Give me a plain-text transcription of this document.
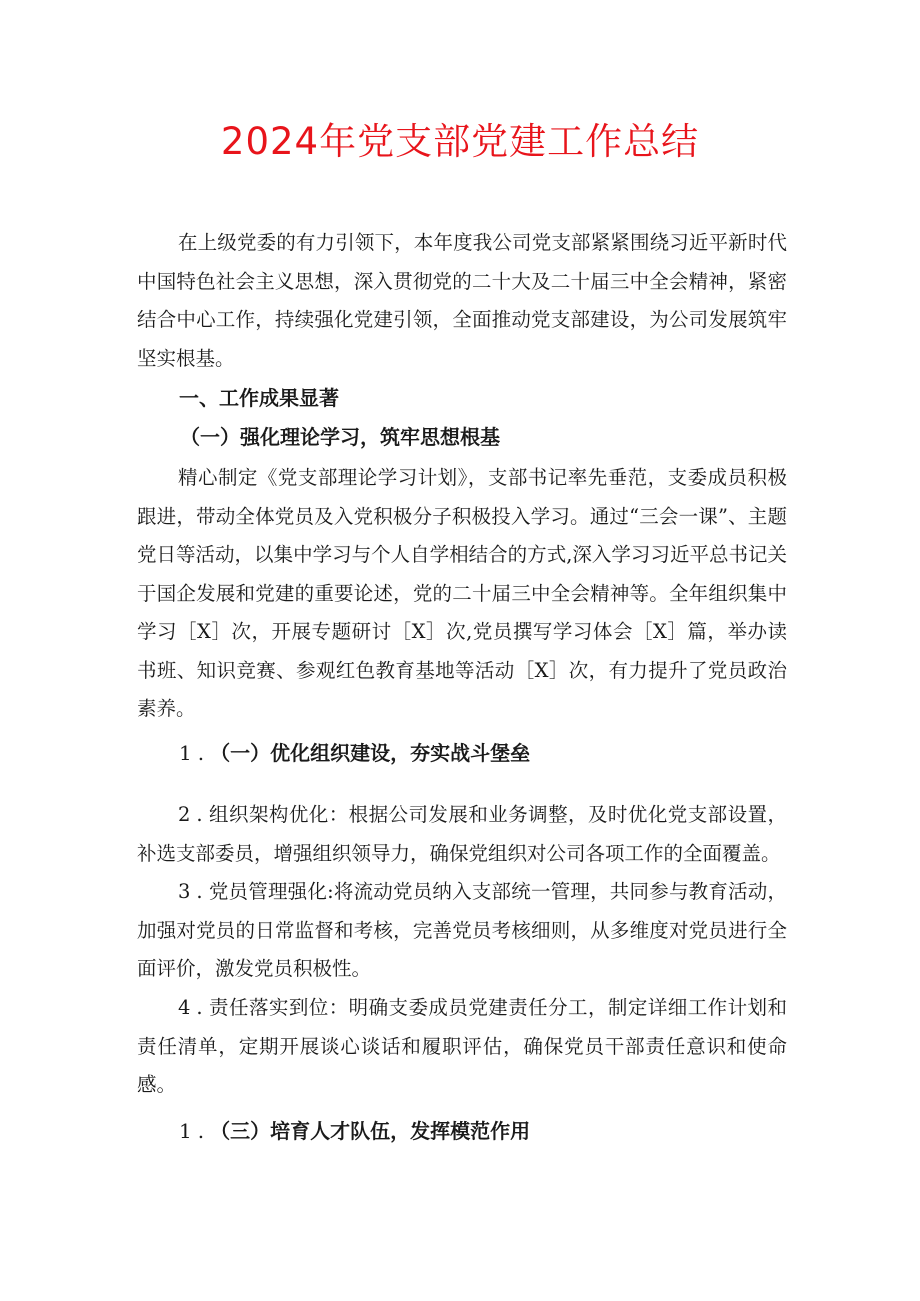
2024年党支部党建工作总结

在上级党委的有力引领下，本年度我公司党支部紧紧围绕习近平新时代中国特色社会主义思想，深入贯彻党的二十大及二十届三中全会精神，紧密结合中心工作，持续强化党建引领，全面推动党支部建设，为公司发展筑牢坚实根基。

一、工作成果显著
（一）强化理论学习，筑牢思想根基

精心制定《党支部理论学习计划》，支部书记率先垂范，支委成员积极跟进，带动全体党员及入党积极分子积极投入学习。通过“三会一课”、主题党日等活动，以集中学习与个人自学相结合的方式,深入学习习近平总书记关于国企发展和党建的重要论述，党的二十届三中全会精神等。全年组织集中学习［X］次，开展专题研讨［X］次,党员撰写学习体会［X］篇，举办读书班、知识竞赛、参观红色教育基地等活动［X］次，有力提升了党员政治素养。

1.（一）优化组织建设，夯实战斗堡垒

2.组织架构优化：根据公司发展和业务调整，及时优化党支部设置，补选支部委员，增强组织领导力，确保党组织对公司各项工作的全面覆盖。

3.党员管理强化:将流动党员纳入支部统一管理，共同参与教育活动，加强对党员的日常监督和考核，完善党员考核细则，从多维度对党员进行全面评价，激发党员积极性。

4.责任落实到位：明确支委成员党建责任分工，制定详细工作计划和责任清单，定期开展谈心谈话和履职评估，确保党员干部责任意识和使命感。

1.（三）培育人才队伍，发挥模范作用
